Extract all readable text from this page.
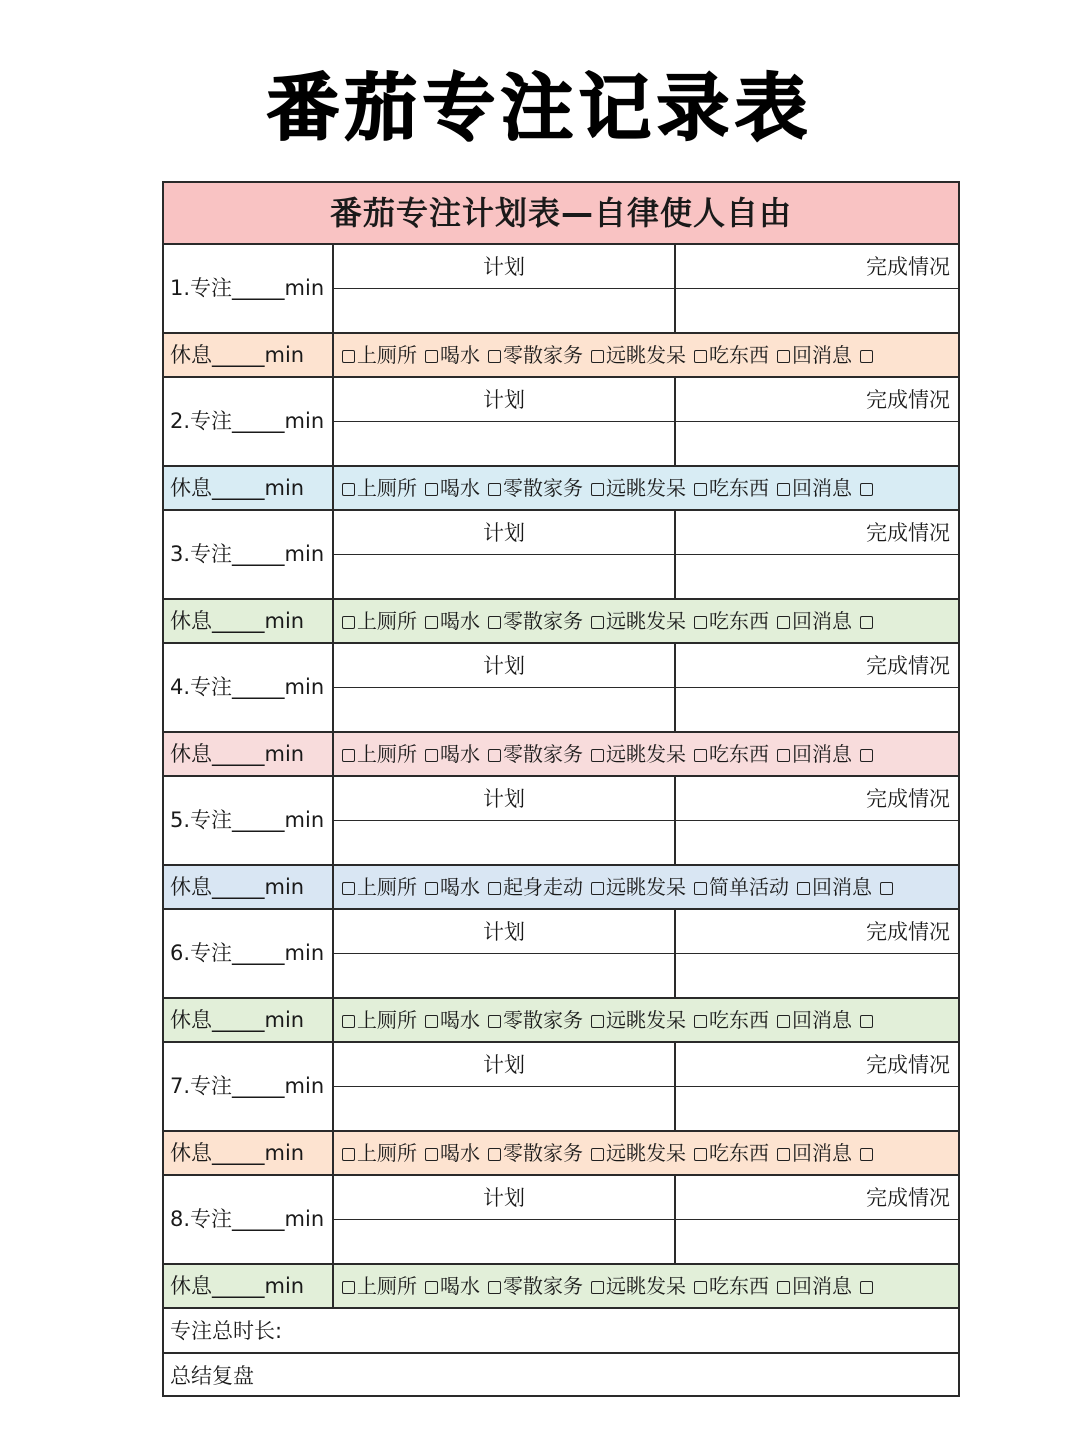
番茄专注记录表
番茄专注计划表—自律使人自由
1.专注_____min
计划	完成情况
休息_____min	上厕所 喝水 零散家务 远眺发呆 吃东西 回消息
2.专注_____min
计划	完成情况
休息_____min	上厕所 喝水 零散家务 远眺发呆 吃东西 回消息
3.专注_____min
计划	完成情况
休息_____min	上厕所 喝水 零散家务 远眺发呆 吃东西 回消息
4.专注_____min
计划	完成情况
休息_____min	上厕所 喝水 零散家务 远眺发呆 吃东西 回消息
5.专注_____min
计划	完成情况
休息_____min	上厕所 喝水 起身走动 远眺发呆 简单活动 回消息
6.专注_____min
计划	完成情况
休息_____min	上厕所 喝水 零散家务 远眺发呆 吃东西 回消息
7.专注_____min
计划	完成情况
休息_____min	上厕所 喝水 零散家务 远眺发呆 吃东西 回消息
8.专注_____min
计划	完成情况
休息_____min	上厕所 喝水 零散家务 远眺发呆 吃东西 回消息
专注总时长:
总结复盘
